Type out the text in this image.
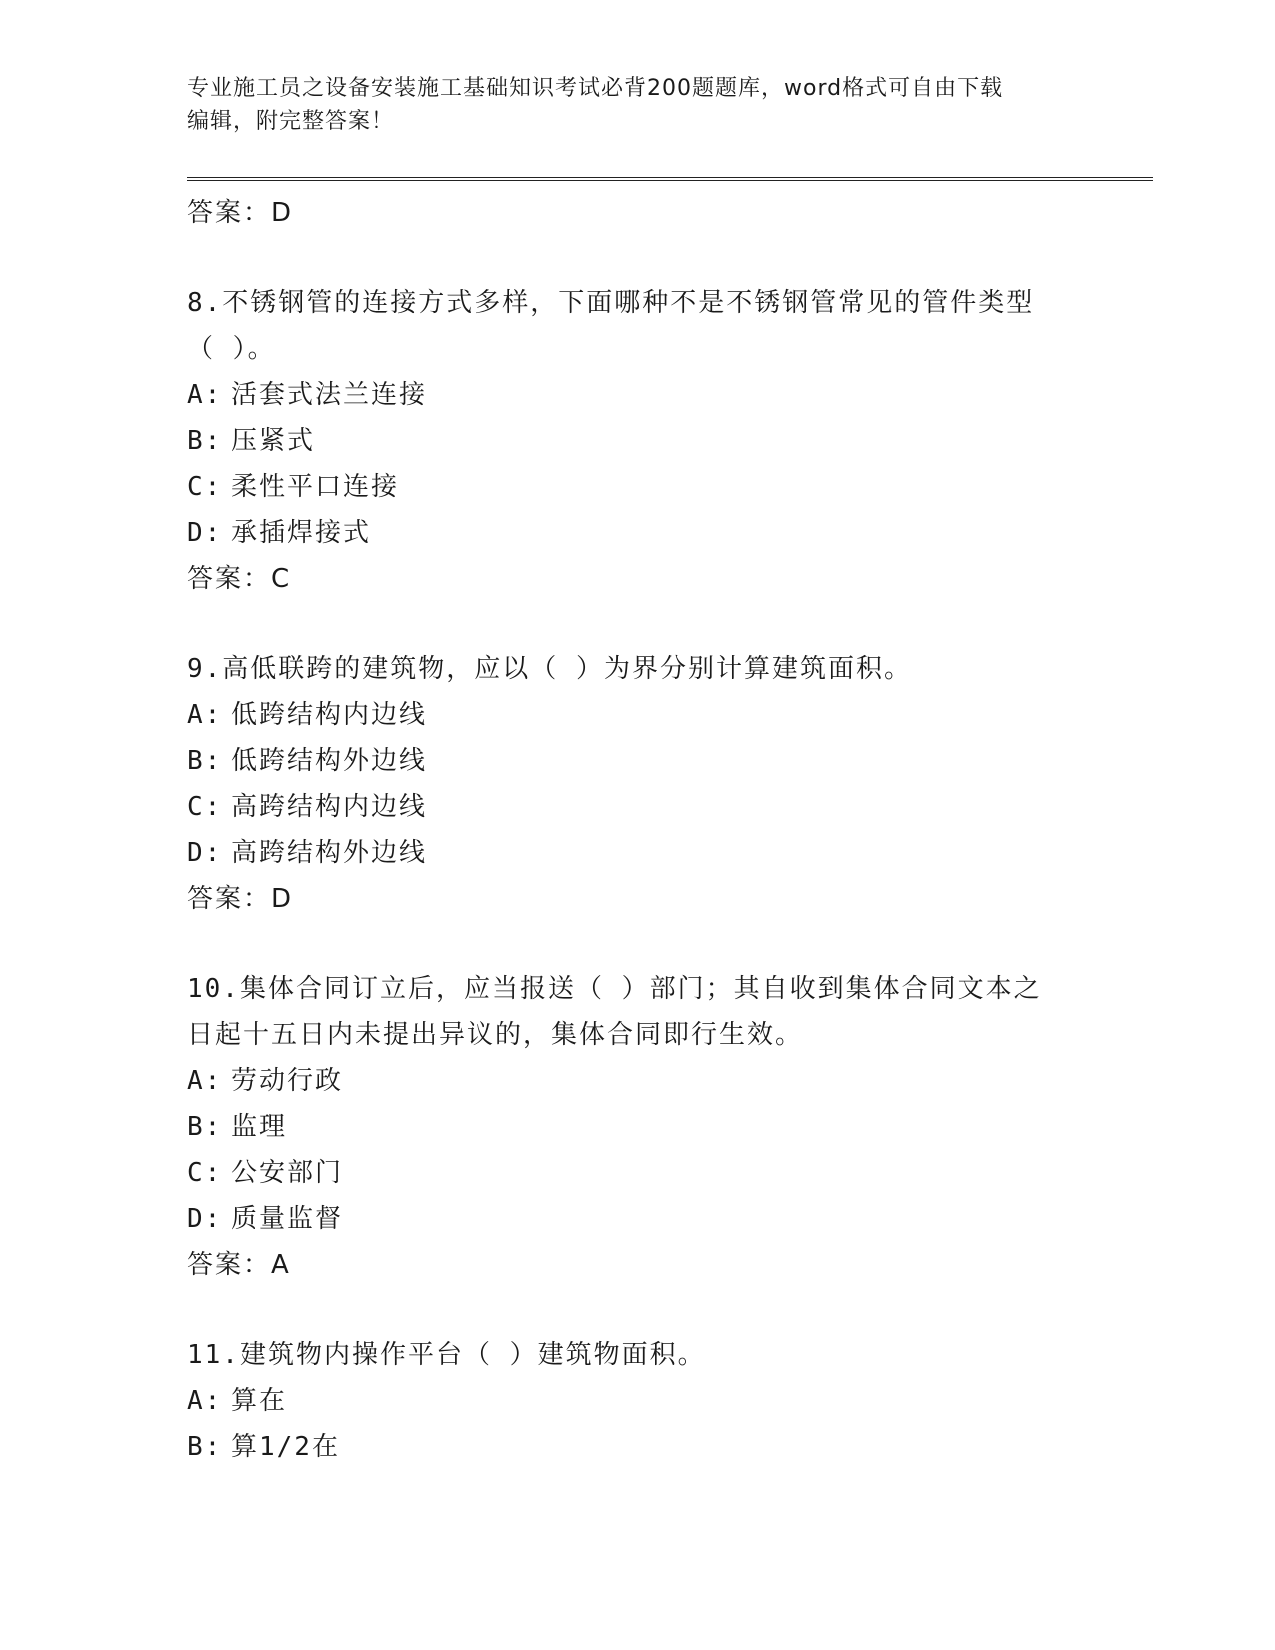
专业施工员之设备安装施工基础知识考试必背200题题库，word格式可自由下载
编辑，附完整答案！
答案：D
8.不锈钢管的连接方式多样，下面哪种不是不锈钢管常见的管件类型
（ ）。
A: 活套式法兰连接
B: 压紧式
C: 柔性平口连接
D: 承插焊接式
答案：C
9.高低联跨的建筑物，应以（ ）为界分别计算建筑面积。
A: 低跨结构内边线
B: 低跨结构外边线
C: 高跨结构内边线
D: 高跨结构外边线
答案：D
10.集体合同订立后，应当报送（ ）部门；其自收到集体合同文本之
日起十五日内未提出异议的，集体合同即行生效。
A: 劳动行政
B: 监理
C: 公安部门
D: 质量监督
答案：A
11.建筑物内操作平台（ ）建筑物面积。
A: 算在
B: 算1/2在
